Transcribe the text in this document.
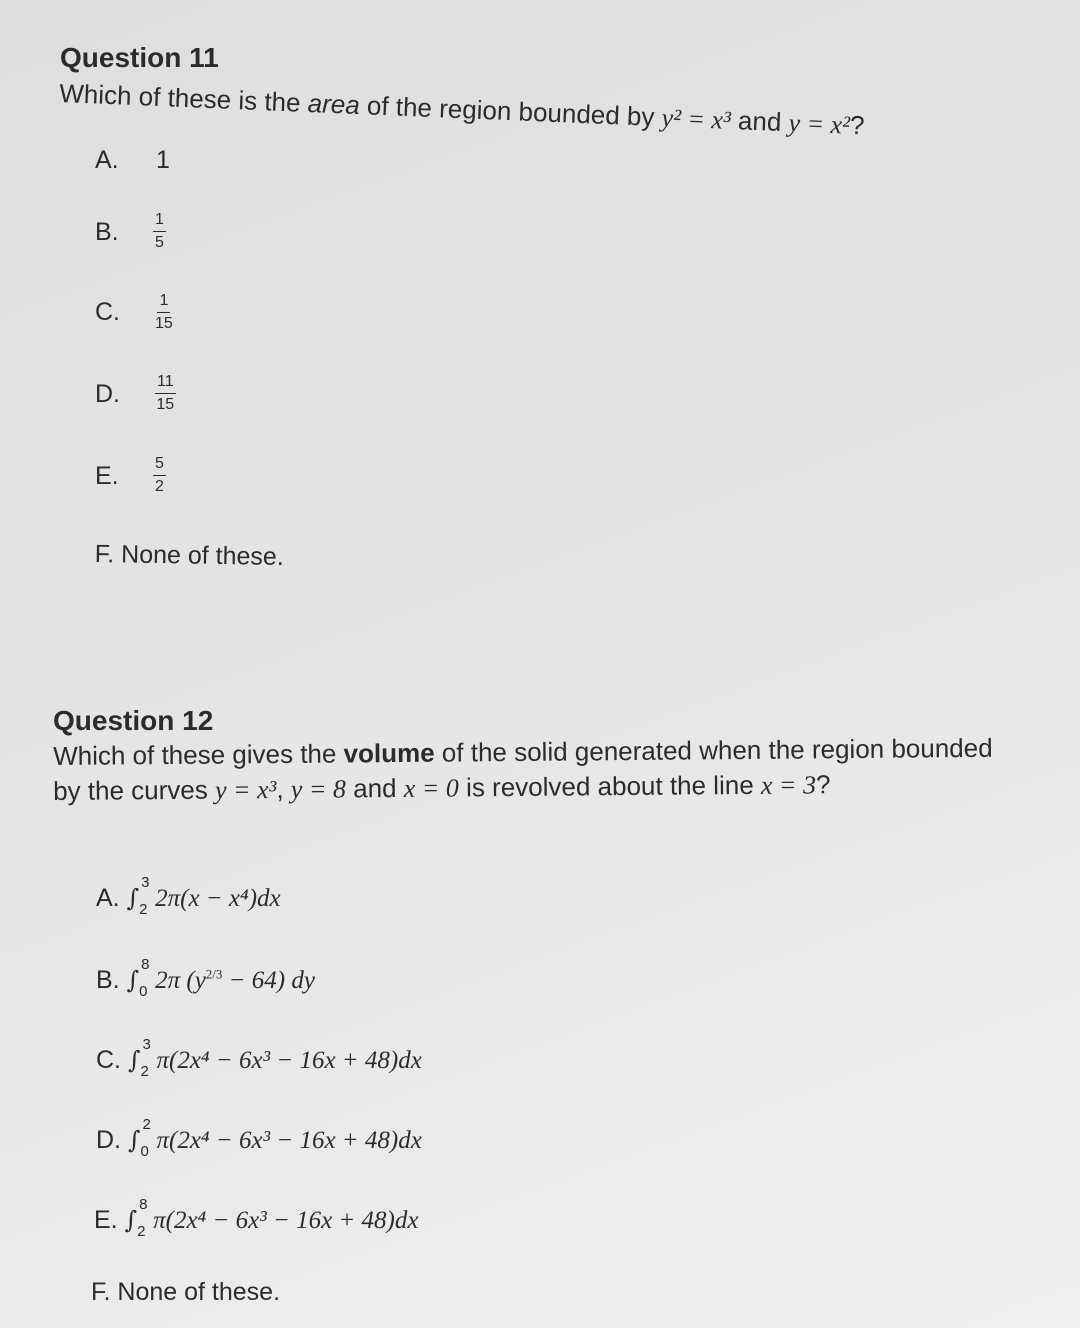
Question 11
Which of these is the area of the region bounded by y² = x³ and y = x²?
A. 1
B. $\frac{1}{5}$
C. $\frac{1}{15}$
D. $\frac{11}{15}$
E. $\frac{5}{2}$
F. None of these.
Question 12
Which of these gives the volume of the solid generated when the region bounded
by the curves y = x³, y = 8 and x = 0 is revolved about the line x = 3?
A. ∫
3
2 2π(x − x⁴)dx
B. ∫
8
0 2π $(y^{2/3} - 64)$ dy
C. ∫
3
2 π(2x⁴ − 6x³ − 16x + 48)dx
D. ∫
2
0 π(2x⁴ − 6x³ − 16x + 48)dx
E. ∫
8
2 π(2x⁴ − 6x³ − 16x + 48)dx
F. None of these.
